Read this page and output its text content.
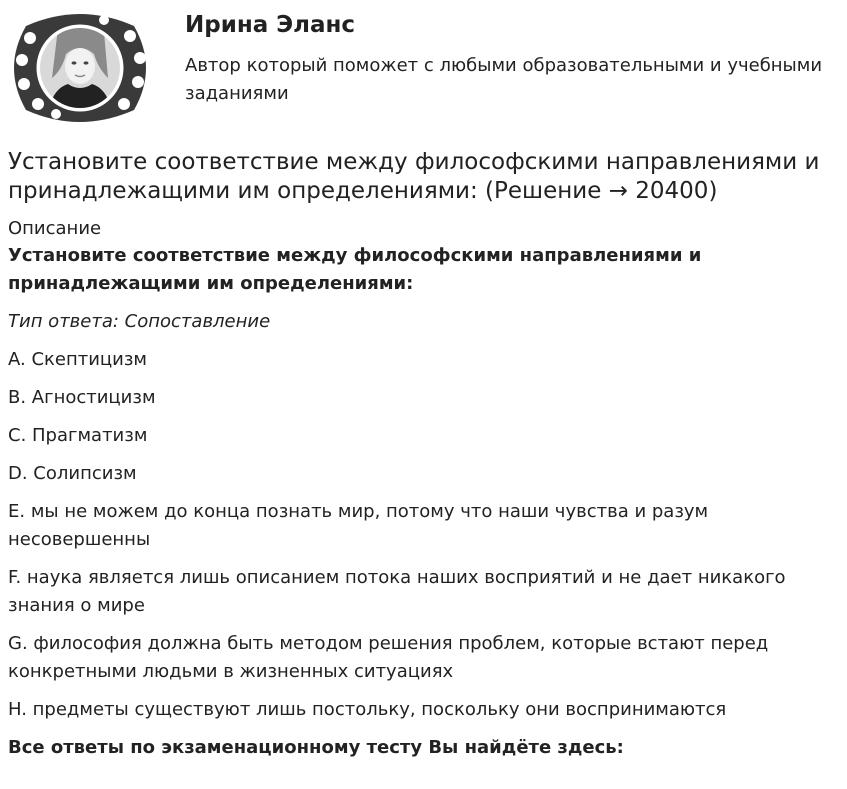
Ирина Эланс
Автор который поможет с любыми образовательными и учебными заданиями
Установите соответствие между философскими направлениями и принадлежащими им определениями: (Решение → 20400)

Описание

Установите соответствие между философскими направлениями и принадлежащими им определениями:

Тип ответа: Сопоставление

A. Скептицизм

B. Агностицизм

C. Прагматизм

D. Солипсизм

E. мы не можем до конца познать мир, потому что наши чувства и разум несовершенны

F. наука является лишь описанием потока наших восприятий и не дает никакого знания о мире

G. философия должна быть методом решения проблем, которые встают перед конкретными людьми в жизненных ситуациях

H. предметы существуют лишь постольку, поскольку они воспринимаются

Все ответы по экзаменационному тесту Вы найдёте здесь:
